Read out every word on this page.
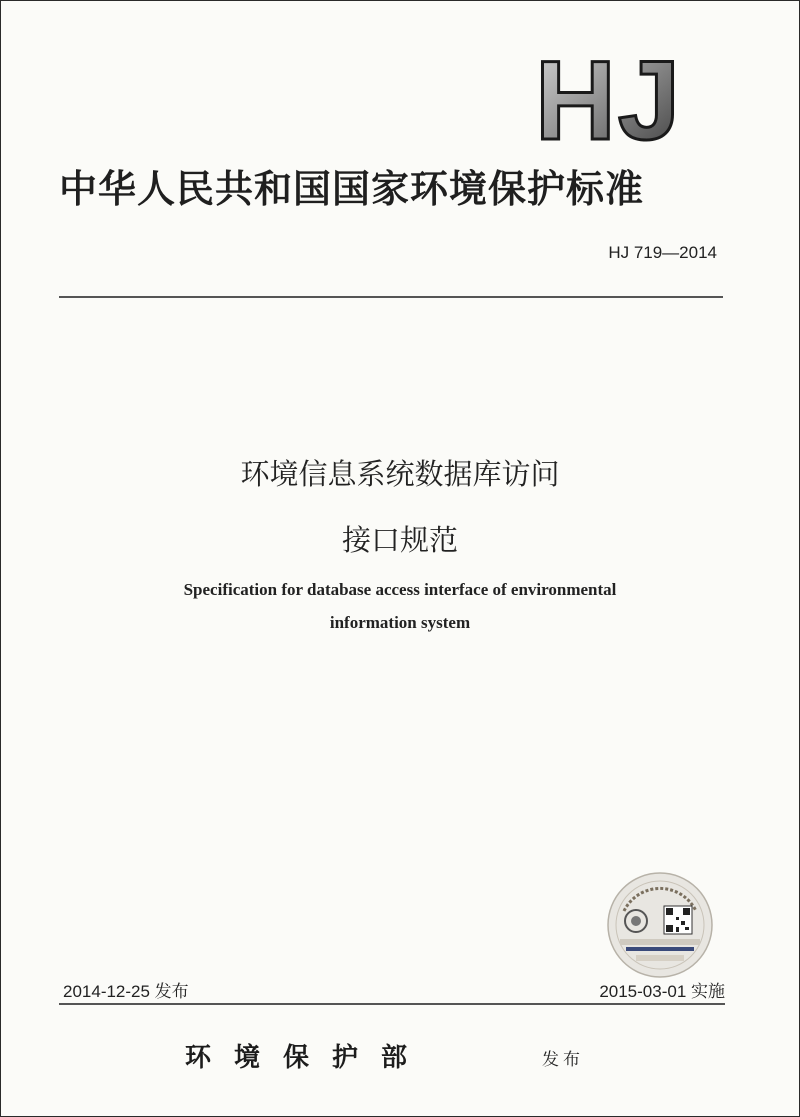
HJ
中华人民共和国国家环境保护标准
HJ 719—2014
环境信息系统数据库访问
接口规范
Specification for database access interface of environmental
information system
2014-12-25 发布	2015-03-01 实施
环境保护部	发布
